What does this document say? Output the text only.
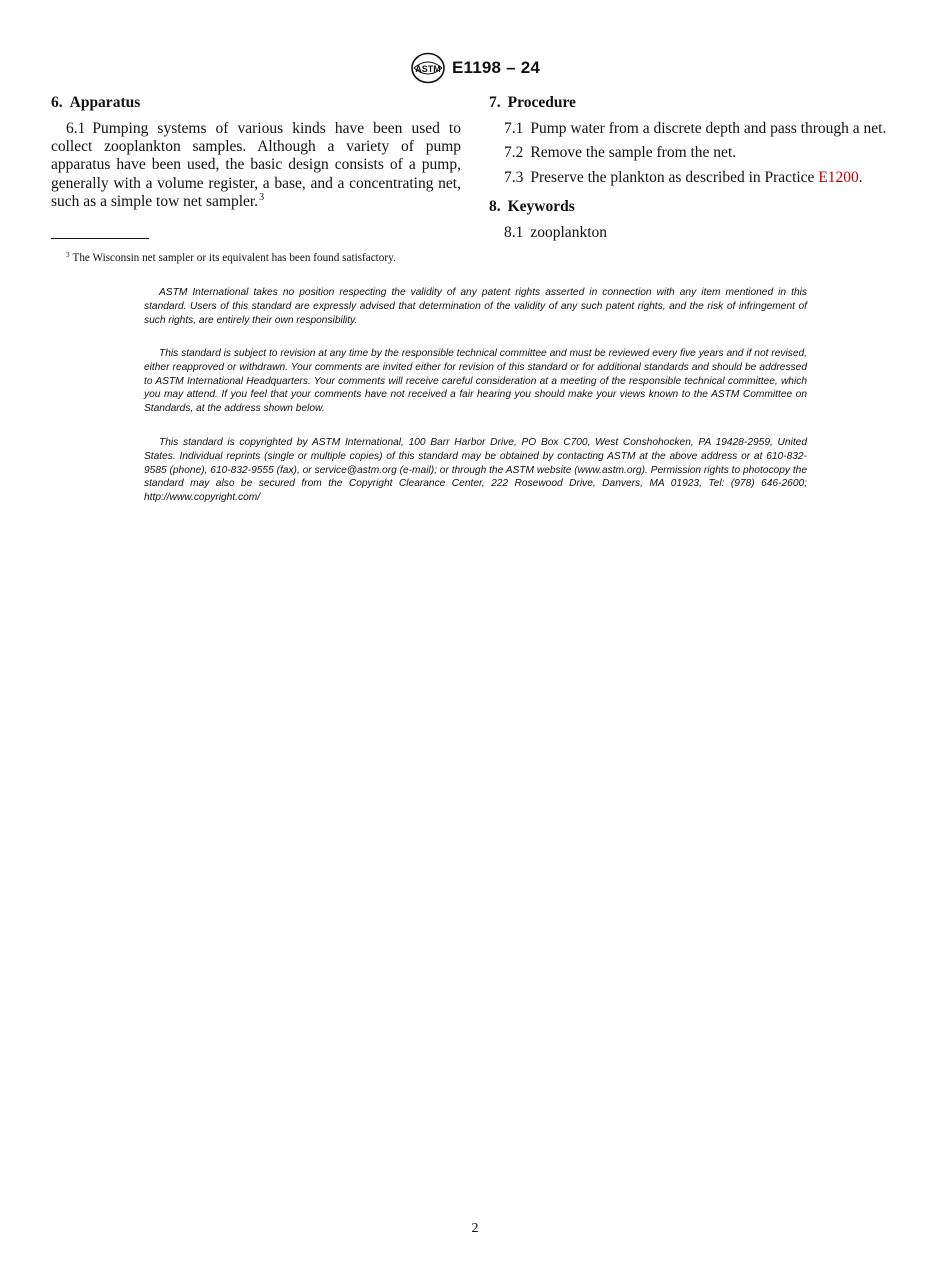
ASTM E1198 – 24
6. Apparatus

6.1 Pumping systems of various kinds have been used to collect zooplankton samples. Although a variety of pump apparatus have been used, the basic design consists of a pump, generally with a volume register, a base, and a concentrating net, such as a simple tow net sampler.$^3$

$^3$ The Wisconsin net sampler or its equivalent has been found satisfactory.
7. Procedure

7.1 Pump water from a discrete depth and pass through a net.

7.2 Remove the sample from the net.

7.3 Preserve the plankton as described in Practice E1200.

8. Keywords

8.1 zooplankton

ASTM International takes no position respecting the validity of any patent rights asserted in connection with any item mentioned in this standard. Users of this standard are expressly advised that determination of the validity of any such patent rights, and the risk of infringement of such rights, are entirely their own responsibility.

This standard is subject to revision at any time by the responsible technical committee and must be reviewed every five years and if not revised, either reapproved or withdrawn. Your comments are invited either for revision of this standard or for additional standards and should be addressed to ASTM International Headquarters. Your comments will receive careful consideration at a meeting of the responsible technical committee, which you may attend. If you feel that your comments have not received a fair hearing you should make your views known to the ASTM Committee on Standards, at the address shown below.

This standard is copyrighted by ASTM International, 100 Barr Harbor Drive, PO Box C700, West Conshohocken, PA 19428-2959, United States. Individual reprints (single or multiple copies) of this standard may be obtained by contacting ASTM at the above address or at 610-832-9585 (phone), 610-832-9555 (fax), or service@astm.org (e-mail); or through the ASTM website (www.astm.org). Permission rights to photocopy the standard may also be secured from the Copyright Clearance Center, 222 Rosewood Drive, Danvers, MA 01923, Tel: (978) 646-2600; http://www.copyright.com/

2
